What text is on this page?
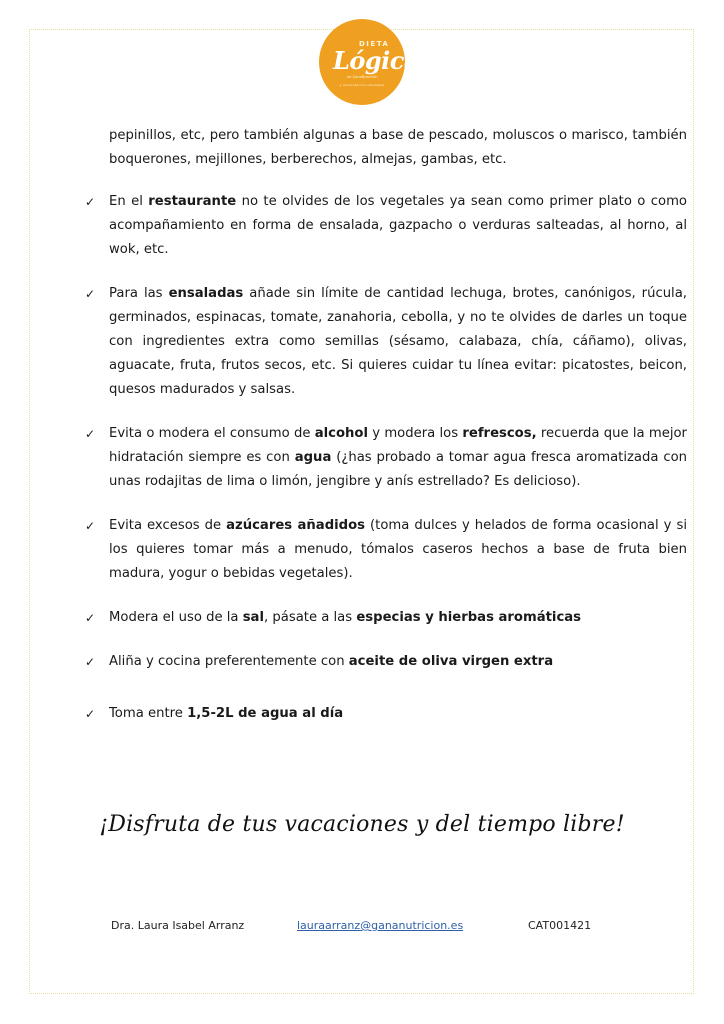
DIETA
Lógica
de GanaNutrición
y alimentación saludable

pepinillos, etc, pero también algunas a base de pescado, moluscos o marisco, también boquerones, mejillones, berberechos, almejas, gambas, etc.

✓ En el restaurante no te olvides de los vegetales ya sean como primer plato o como acompañamiento en forma de ensalada, gazpacho o verduras salteadas, al horno, al wok, etc.

✓ Para las ensaladas añade sin límite de cantidad lechuga, brotes, canónigos, rúcula, germinados, espinacas, tomate, zanahoria, cebolla, y no te olvides de darles un toque con ingredientes extra como semillas (sésamo, calabaza, chía, cáñamo), olivas, aguacate, fruta, frutos secos, etc. Si quieres cuidar tu línea evitar: picatostes, beicon, quesos madurados y salsas.

✓ Evita o modera el consumo de alcohol y modera los refrescos, recuerda que la mejor hidratación siempre es con agua (¿has probado a tomar agua fresca aromatizada con unas rodajitas de lima o limón, jengibre y anís estrellado? Es delicioso).

✓ Evita excesos de azúcares añadidos (toma dulces y helados de forma ocasional y si los quieres tomar más a menudo, tómalos caseros hechos a base de fruta bien madura, yogur o bebidas vegetales).

✓ Modera el uso de la sal, pásate a las especias y hierbas aromáticas

✓ Aliña y cocina preferentemente con aceite de oliva virgen extra

✓ Toma entre 1,5-2L de agua al día

¡Disfruta de tus vacaciones y del tiempo libre!
Dra. Laura Isabel Arranz	lauraarranz@gananutricion.es	CAT001421
